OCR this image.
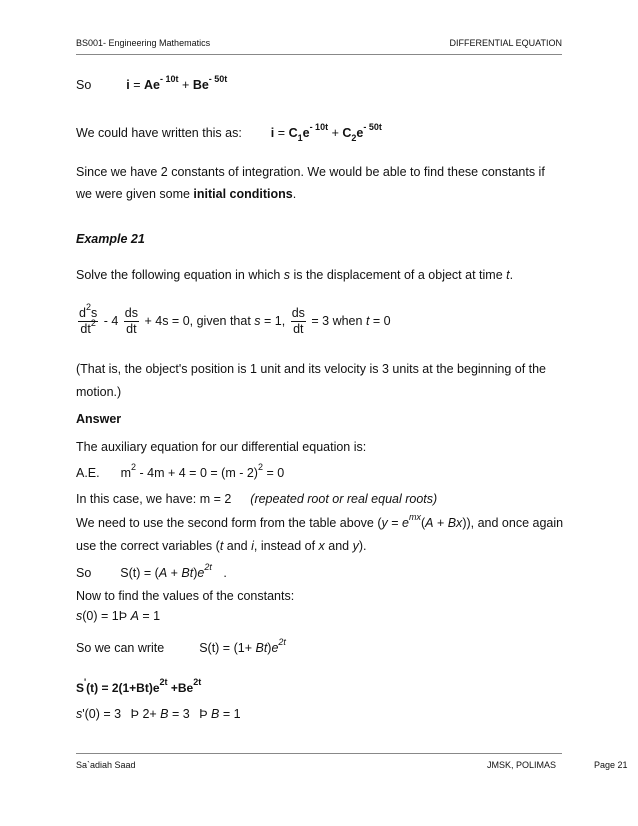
BS001- Engineering Mathematics	DIFFERENTIAL EQUATION
So	$i = Ae^{- 10t} + Be^{- 50t}$
We could have written this as: $i = C_1e^{- 10t} + C_2e^{- 50t}$
Since we have 2 constants of integration. We would be able to find these constants if
we were given some initial conditions.
Example 21
Solve the following equation in which s is the displacement of a object at time t.
$\frac{d^2s}{dt^2} - 4 \frac{ds}{dt} + 4s = 0$, given that s = 1, $\frac{ds}{dt} = 3$ when t = 0
(That is, the object's position is 1 unit and its velocity is 3 units at the beginning of the
motion.)
Answer
The auxiliary equation for our differential equation is:
A.E. $m^2 - 4m + 4 = 0 = (m - 2)^2 = 0$
In this case, we have: m = 2 (repeated root or real equal roots)
We need to use the second form from the table above $(y = e^{mx}(A + Bx))$, and once again
use the correct variables (t and i, instead of x and y).
So $S(t) = (A + Bt)e^{2t}$ .
Now to find the values of the constants:
s(0) = 1Þ A = 1
So we can write	$S(t) = (1+ Bt)e^{2t}$
$S'(t) = 2(1+Bt)e^{2t} +Be^{2t}$
s'(0) = 3 Þ 2+ B = 3 Þ B = 1
Sa`adiah Saad	JMSK, POLIMAS	Page 21
